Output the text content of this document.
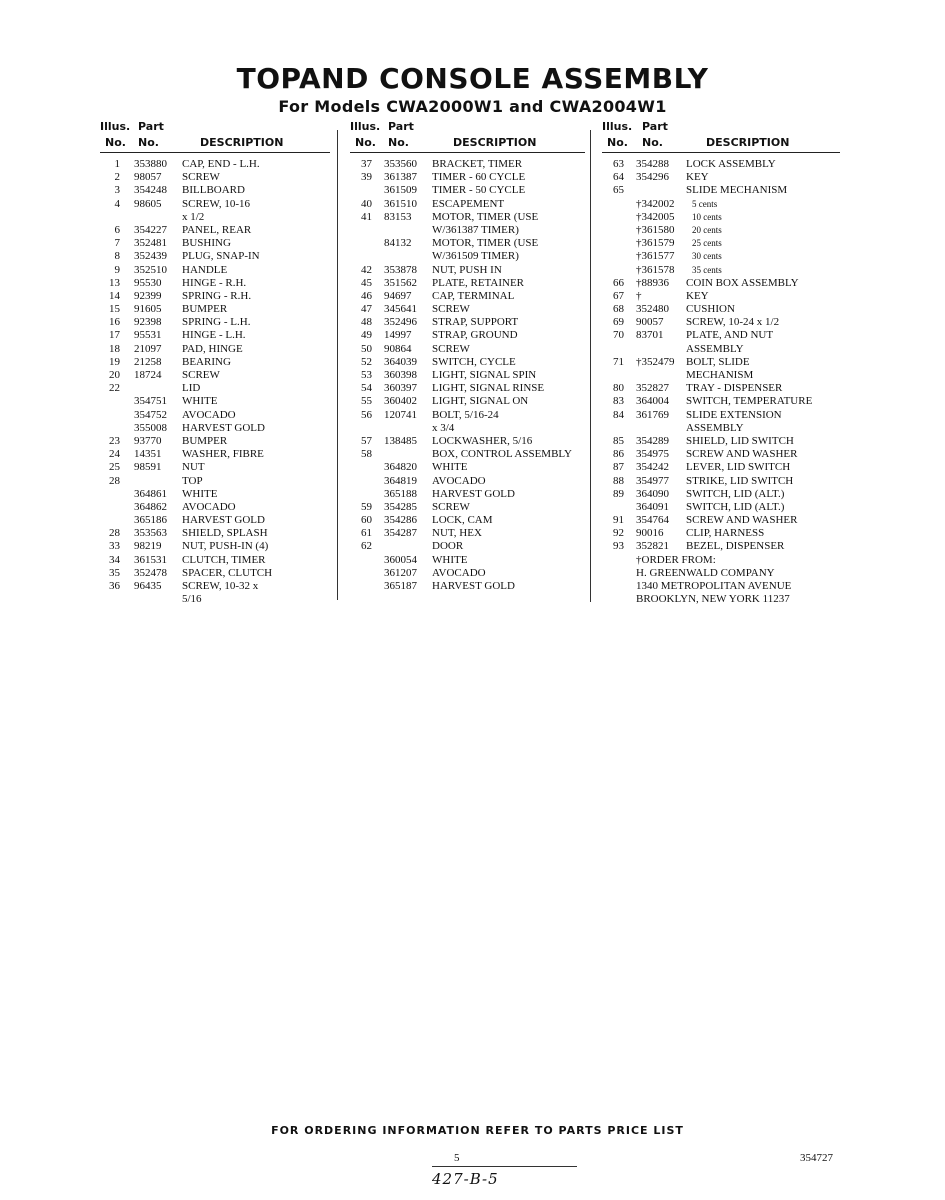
TOPAND CONSOLE ASSEMBLY
For Models CWA2000W1 and CWA2004W1
Illus. Part
No. No.	DESCRIPTION
1 353880 CAP, END - L.H.
2 98057 SCREW
3 354248 BILLBOARD
4 98605 SCREW, 10-16
x 1/2
6 354227 PANEL, REAR
7 352481 BUSHING
8 352439 PLUG, SNAP-IN
9 352510 HANDLE
13 95530 HINGE - R.H.
14 92399 SPRING - R.H.
15 91605 BUMPER
16 92398 SPRING - L.H.
17 95531 HINGE - L.H.
18 21097 PAD, HINGE
19 21258 BEARING
20 18724 SCREW
22	LID
354751 WHITE
354752 AVOCADO
355008 HARVEST GOLD
23 93770 BUMPER
24 14351 WASHER, FIBRE
25 98591 NUT
28	TOP
364861 WHITE
364862 AVOCADO
365186 HARVEST GOLD
28 353563 SHIELD, SPLASH
33 98219 NUT, PUSH-IN (4)
34 361531 CLUTCH, TIMER
35 352478 SPACER, CLUTCH
36 96435 SCREW, 10-32 x
5/16
Illus. Part
No. No.	DESCRIPTION
37 353560 BRACKET, TIMER
39 361387 TIMER - 60 CYCLE
361509 TIMER - 50 CYCLE
40 361510 ESCAPEMENT
41 83153 MOTOR, TIMER (USE
W/361387 TIMER)
84132 MOTOR, TIMER (USE
W/361509 TIMER)
42 353878 NUT, PUSH IN
45 351562 PLATE, RETAINER
46 94697 CAP, TERMINAL
47 345641 SCREW
48 352496 STRAP, SUPPORT
49 14997 STRAP, GROUND
50 90864 SCREW
52 364039 SWITCH, CYCLE
53 360398 LIGHT, SIGNAL SPIN
54 360397 LIGHT, SIGNAL RINSE
55 360402 LIGHT, SIGNAL ON
56 120741 BOLT, 5/16-24
x 3/4
57 138485 LOCKWASHER, 5/16
58	BOX, CONTROL ASSEMBLY
364820 WHITE
364819 AVOCADO
365188 HARVEST GOLD
59 354285 SCREW
60 354286 LOCK, CAM
61 354287 NUT, HEX
62	DOOR
360054 WHITE
361207 AVOCADO
365187 HARVEST GOLD
Illus. Part
No. No.	DESCRIPTION
63 354288 LOCK ASSEMBLY
64 354296 KEY
65	SLIDE MECHANISM
†342002 5 cents
†342005 10 cents
†361580 20 cents
†361579 25 cents
†361577 30 cents
†361578 35 cents
66 †88936 COIN BOX ASSEMBLY
67 †	KEY
68 352480 CUSHION
69 90057 SCREW, 10-24 x 1/2
70 83701 PLATE, AND NUT
ASSEMBLY
71 †352479 BOLT, SLIDE
MECHANISM
80 352827 TRAY - DISPENSER
83 364004 SWITCH, TEMPERATURE
84 361769 SLIDE EXTENSION
ASSEMBLY
85 354289 SHIELD, LID SWITCH
86 354975 SCREW AND WASHER
87 354242 LEVER, LID SWITCH
88 354977 STRIKE, LID SWITCH
89 364090 SWITCH, LID (ALT.)
364091 SWITCH, LID (ALT.)
91 354764 SCREW AND WASHER
92 90016 CLIP, HARNESS
93 352821 BEZEL, DISPENSER
†ORDER FROM:
H. GREENWALD COMPANY
1340 METROPOLITAN AVENUE
BROOKLYN, NEW YORK 11237
FOR ORDERING INFORMATION REFER TO PARTS PRICE LIST
5	354727
427-B-5
